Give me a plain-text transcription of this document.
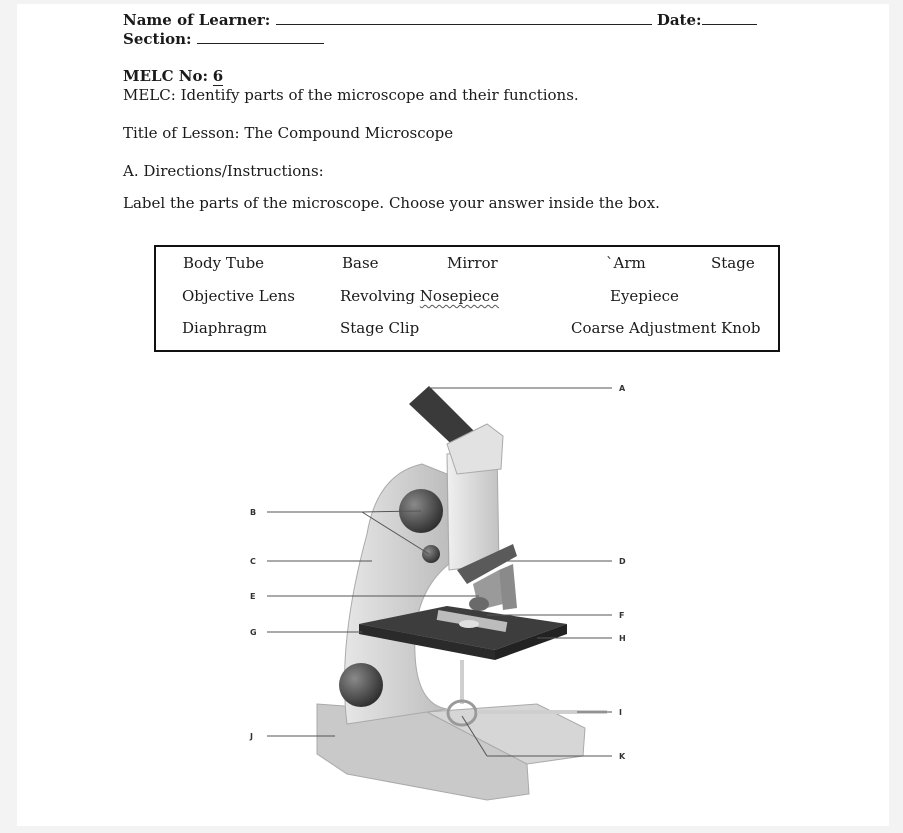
Name of Learner:	Date:
Section:
MELC No: 6
MELC: Identify parts of the microscope and their functions.
Title of Lesson: The Compound Microscope
A. Directions/Instructions:
Label the parts of the microscope. Choose your answer inside the box.
Body Tube	Base	Mirror	`Arm	Stage
Objective Lens	Revolving Nosepiece	Eyepiece
Diaphragm	Stage Clip	Coarse Adjustment Knob
A
B
C	D
E
F
G
H
I
J
K
